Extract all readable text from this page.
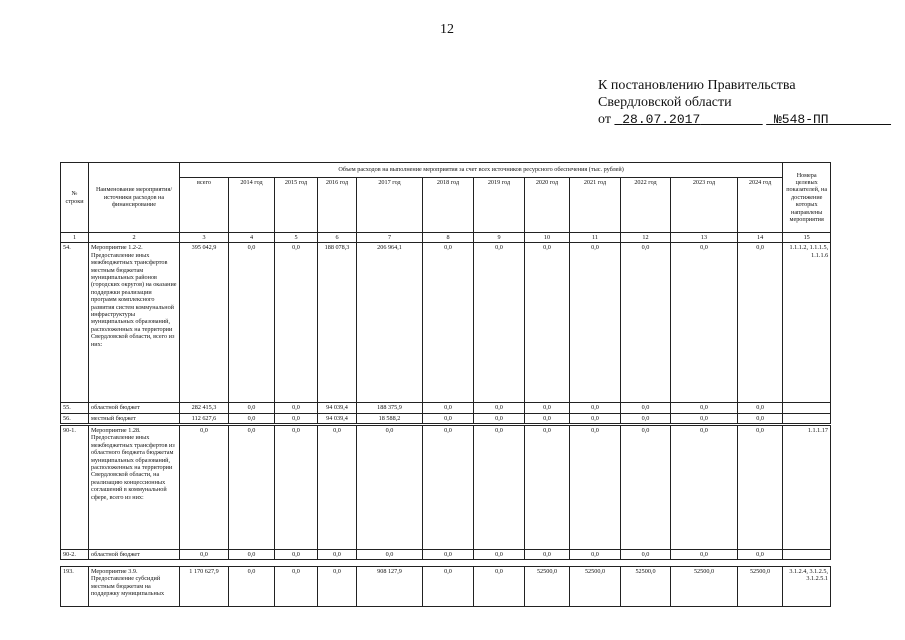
12
К постановлению Правительства
Свердловской области
от 28.07.2017	№548-ПП
№ строки	Наименование мероприятия/источники расходов на финансирование	Объем расходов на выполнение мероприятия за счет всех источников ресурсного обеспечения (тыс. рублей)												Номера целевых показателей, на достижение которых направлены мероприятия
		всего	2014 год	2015 год	2016 год	2017 год	2018 год	2019 год	2020 год	2021 год	2022 год	2023 год	2024 год	
1	2	3	4	5	6	7	8	9	10	11	12	13	14	15
54.	Мероприятие 1.2-2. Предоставление иных межбюджетных трансфертов местным бюджетам муниципальных районов (городских округов) на оказание поддержки реализации программ комплексного развития систем коммунальной инфраструктуры муниципальных образований, расположенных на территории Свердловской области, всего из них:	395 042,9	0,0	0,0	188 078,3	206 964,1	0,0	0,0	0,0	0,0	0,0	0,0	0,0	1.1.1.2, 1.1.1.5, 1.1.1.6
55.	областной бюджет	282 415,3	0,0	0,0	94 039,4	188 375,9	0,0	0,0	0,0	0,0	0,0	0,0	0,0	
56.	местный бюджет	112 627,6	0,0	0,0	94 039,4	18 588,2	0,0	0,0	0,0	0,0	0,0	0,0	0,0	
90-1.	Мероприятие 1.28. Предоставление иных межбюджетных трансфертов из областного бюджета бюджетам муниципальных образований, расположенных на территории Свердловской области, на реализацию концессионных соглашений в коммунальной сфере, всего из них:	0,0	0,0	0,0	0,0	0,0	0,0	0,0	0,0	0,0	0,0	0,0	0,0	1.1.1.17
90-2.	областной бюджет	0,0	0,0	0,0	0,0	0,0	0,0	0,0	0,0	0,0	0,0	0,0	0,0	
193.	Мероприятие 3.9. Предоставление субсидий местным бюджетам на поддержку муниципальных	1 170 627,9	0,0	0,0	0,0	908 127,9	0,0	0,0	52500,0	52500,0	52500,0	52500,0	52500,0	3.1.2.4, 3.1.2.5, 3.1.2.5.1
